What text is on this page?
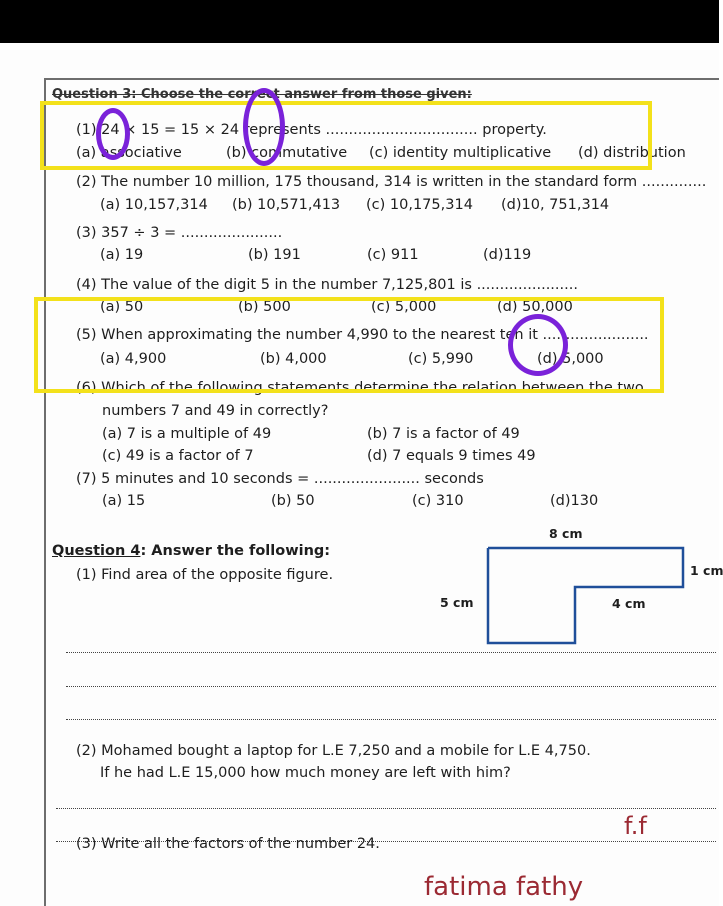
Question 3: Choose the correct answer from those given:
(1) 24 × 15 = 15 × 24 represents ................................. property.
(a) associative	(b) commutative (c) identity multiplicative (d) distribution
(2) The number 10 million, 175 thousand, 314 is written in the standard form ..............
(a) 10,157,314 (b) 10,571,413 (c) 10,175,314 (d)10, 751,314
(3) 357 ÷ 3 = ......................
(a) 19	(b) 191	(c) 911	(d)119
(4) The value of the digit 5 in the number 7,125,801 is ......................
(a) 50	(b) 500	(c) 5,000	(d) 50,000
(5) When approximating the number 4,990 to the nearest ten it .......................
(a) 4,900	(b) 4,000	(c) 5,990	(d) 5,000
(6) Which of the following statements determine the relation between the two
numbers 7 and 49 in correctly?
(a) 7 is a multiple of 49	(b) 7 is a factor of 49
(c) 49 is a factor of 7	(d) 7 equals 9 times 49
(7) 5 minutes and 10 seconds = ....................... seconds
(a) 15	(b) 50	(c) 310	(d)130
Question 4: Answer the following:
(1) Find area of the opposite figure.
8 cm
1 cm
5 cm	4 cm
(2) Mohamed bought a laptop for L.E 7,250 and a mobile for L.E 4,750.
If he had L.E 15,000 how much money are left with him?
(3) Write all the factors of the number 24.
f.f
fatima fathy
